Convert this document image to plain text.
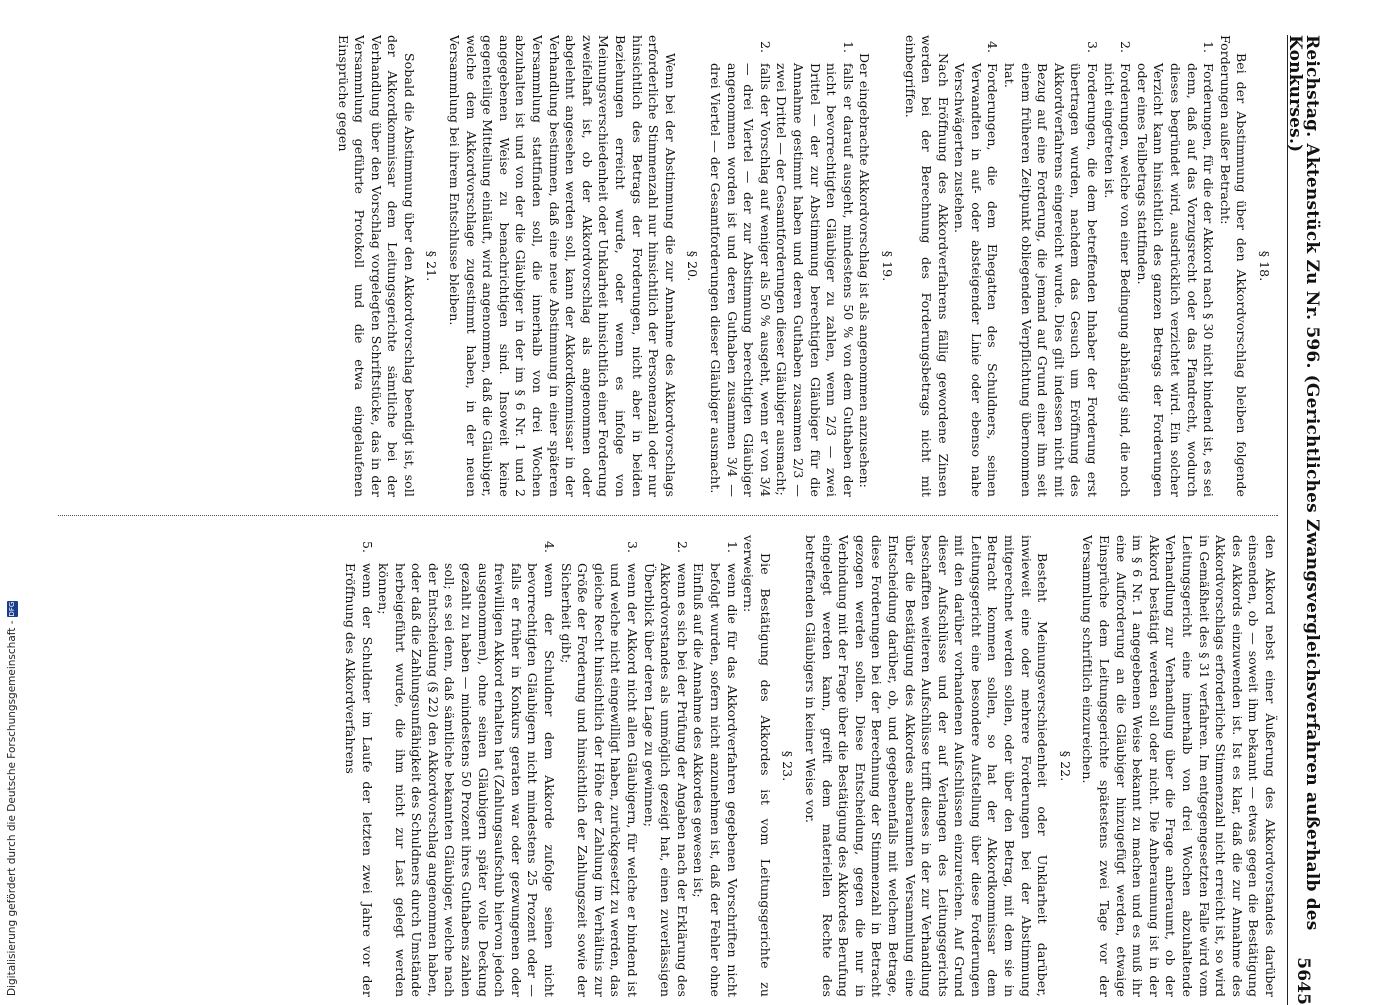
Reichstag. Aktenstück Zu Nr. 596. (Gerichtliches Zwangsvergleichsverfahren außerhalb des Konkurses.)
5645
§ 18.

Bei der Abstimmung über den Akkordvorschlag bleiben folgende Forderungen außer Betracht:

1.
Forderungen, für die der Akkord nach § 30 nicht bindend ist, es sei denn, daß auf das Vorzugsrecht oder das Pfandrecht, wodurch dieses begründet wird, ausdrücklich verzichtet wird. Ein solcher Verzicht kann hinsichtlich des ganzen Betrags der Forderungen oder eines Teilbetrags stattfinden.
2.
Forderungen, welche von einer Bedingung abhängig sind, die noch nicht eingetreten ist.
3.
Forderungen, die dem betreffenden Inhaber der Forderung erst übertragen wurden, nachdem das Gesuch um Eröffnung des Akkordverfahrens eingereicht wurde. Dies gilt indessen nicht mit Bezug auf eine Forderung, die jemand auf Grund einer ihm seit einem früheren Zeitpunkt obliegenden Verpflichtung übernommen hat.
4.
Forderungen, die dem Ehegatten des Schuldners, seinen Verwandten in auf- oder absteigender Linie oder ebenso nahe Verschwägerten zustehen.

Nach Eröffnung des Akkordverfahrens fällig gewordene Zinsen werden bei der Berechnung des Forderungsbetrags nicht mit einbegriffen.

§ 19.

Der eingebrachte Akkordvorschlag ist als angenommen anzusehen:

1.
falls er darauf ausgeht, mindestens 50 % von dem Guthaben der nicht bevorrechtigten Gläubiger zu zahlen, wenn 2/3 — zwei Drittel — der zur Abstimmung berechtigten Gläubiger für die Annahme gestimmt haben und deren Guthaben zusammen 2/3 — zwei Drittel — der Gesamtforderungen dieser Gläubiger ausmacht;
2.
falls der Vorschlag auf weniger als 50 % ausgeht, wenn er von 3/4 — drei Viertel — der zur Abstimmung berechtigten Gläubiger angenommen worden ist und deren Guthaben zusammen 3/4 — drei Viertel — der Gesamtforderungen dieser Gläubiger ausmacht.
§ 20.

Wenn bei der Abstimmung die zur Annahme des Akkordvorschlags erforderliche Stimmenzahl nur hinsichtlich der Personenzahl oder nur hinsichtlich des Betrags der Forderungen, nicht aber in beiden Beziehungen erreicht wurde, oder wenn es infolge von Meinungsverschiedenheit oder Unklarheit hinsichtlich einer Forderung zweifelhaft ist, ob der Akkordvorschlag als angenommen oder abgelehnt angesehen werden soll, kann der Akkordkommissar in der Verhandlung bestimmen, daß eine neue Abstimmung in einer späteren Versammlung stattfinden soll, die innerhalb von drei Wochen abzuhalten ist und von der die Gläubiger in der im § 6 Nr. 1 und 2 angegebenen Weise zu benachrichtigen sind. Insoweit keine gegenteilige Mitteilung einläuft, wird angenommen, daß die Gläubiger, welche dem Akkordvorschlage zugestimmt haben, in der neuen Versammlung bei ihrem Entschlusse bleiben.

§ 21.

Sobald die Abstimmung über den Akkordvorschlag beendigt ist, soll der Akkordkommissar dem Leitungsgerichte sämtliche bei der Verhandlung über den Vorschlag vorgelegten Schriftstücke, das in der Versammlung geführte Protokoll und die etwa eingelaufenen Einsprüche gegen

den Akkord nebst einer Äußerung des Akkordvorstandes darüber einsenden, ob — soweit ihm bekannt — etwas gegen die Bestätigung des Akkords einzuwenden ist. Ist es klar, daß die zur Annahme des Akkordvorschlags erforderliche Stimmenzahl nicht erreicht ist, so wird in Gemäßheit des § 31 verfahren. Im entgegengesetzten Falle wird vom Leitungsgericht eine innerhalb von drei Wochen abzuhaltende Verhandlung zur Verhandlung über die Frage anberaumt, ob der Akkord bestätigt werden soll oder nicht. Die Anberaumung ist in der im § 6 Nr. 1 angegebenen Weise bekannt zu machen und es muß ihr eine Aufforderung an die Gläubiger hinzugefügt werden, etwaige Einsprüche dem Leitungsgerichte spätestens zwei Tage vor der Versammlung schriftlich einzureichen.

§ 22.

Besteht Meinungsverschiedenheit oder Unklarheit darüber, inwieweit eine oder mehrere Forderungen bei der Abstimmung mitgerechnet werden sollen, oder über den Betrag, mit dem sie in Betracht kommen sollen, so hat der Akkordkommissar dem Leitungsgericht eine besondere Aufstellung über diese Forderungen mit den darüber vorhandenen Aufschlüssen einzureichen. Auf Grund dieser Aufschlüsse und der auf Verlangen des Leitungsgerichts beschafften weiteren Aufschlüsse trifft dieses in der zur Verhandlung über die Bestätigung des Akkordes anberaumten Versammlung eine Entscheidung darüber, ob, und gegebenenfalls mit welchem Betrage, diese Forderungen bei der Berechnung der Stimmenzahl in Betracht gezogen werden sollen. Diese Entscheidung, gegen die nur in Verbindung mit der Frage über die Bestätigung des Akkordes Berufung eingelegt werden kann, greift dem materiellen Rechte des betreffenden Gläubigers in keiner Weise vor.

§ 23.

Die Bestätigung des Akkordes ist vom Leitungsgerichte zu verweigern:

1.
wenn die für das Akkordverfahren gegebenen Vorschriften nicht befolgt wurden, sofern nicht anzunehmen ist, daß der Fehler ohne Einfluß auf die Annahme des Akkordes gewesen ist;
2.
wenn es sich bei der Prüfung der Angaben nach der Erklärung des Akkordvorstandes als unmöglich gezeigt hat, einen zuverlässigen Überblick über deren Lage zu gewinnen;
3.
wenn der Akkord nicht allen Gläubigern, für welche er bindend ist und welche nicht eingewilligt haben, zurückgesetzt zu werden, das gleiche Recht hinsichtlich der Höhe der Zahlung im Verhältnis zur Größe der Forderung und hinsichtlich der Zahlungszeit sowie der Sicherheit gibt;
4.
wenn der Schuldner dem Akkorde zufolge seinen nicht bevorrechtigten Gläubigern nicht mindestens 25 Prozent oder — falls er früher in Konkurs geraten war oder gezwungenen oder freiwilligen Akkord erhalten hat (Zahlungsaufschub hiervon jedoch ausgenommen), ohne seinen Gläubigern später volle Deckung gezahlt zu haben — mindestens 50 Prozent ihres Guthabens zahlen soll; es sei denn, daß sämtliche bekannten Gläubiger, welche nach der Entscheidung (§ 22) den Akkordvorschlag angenommen haben, oder daß die Zahlungsunfähigkeit des Schuldners durch Umstände herbeigeführt wurde, die ihm nicht zur Last gelegt werden können;
5.
wenn der Schuldner im Laufe der letzten zwei Jahre vor der Eröffnung des Akkordverfahrens
Digitalisierung gefördert durch die Deutsche Forschungsgemeinschaft - DFG
